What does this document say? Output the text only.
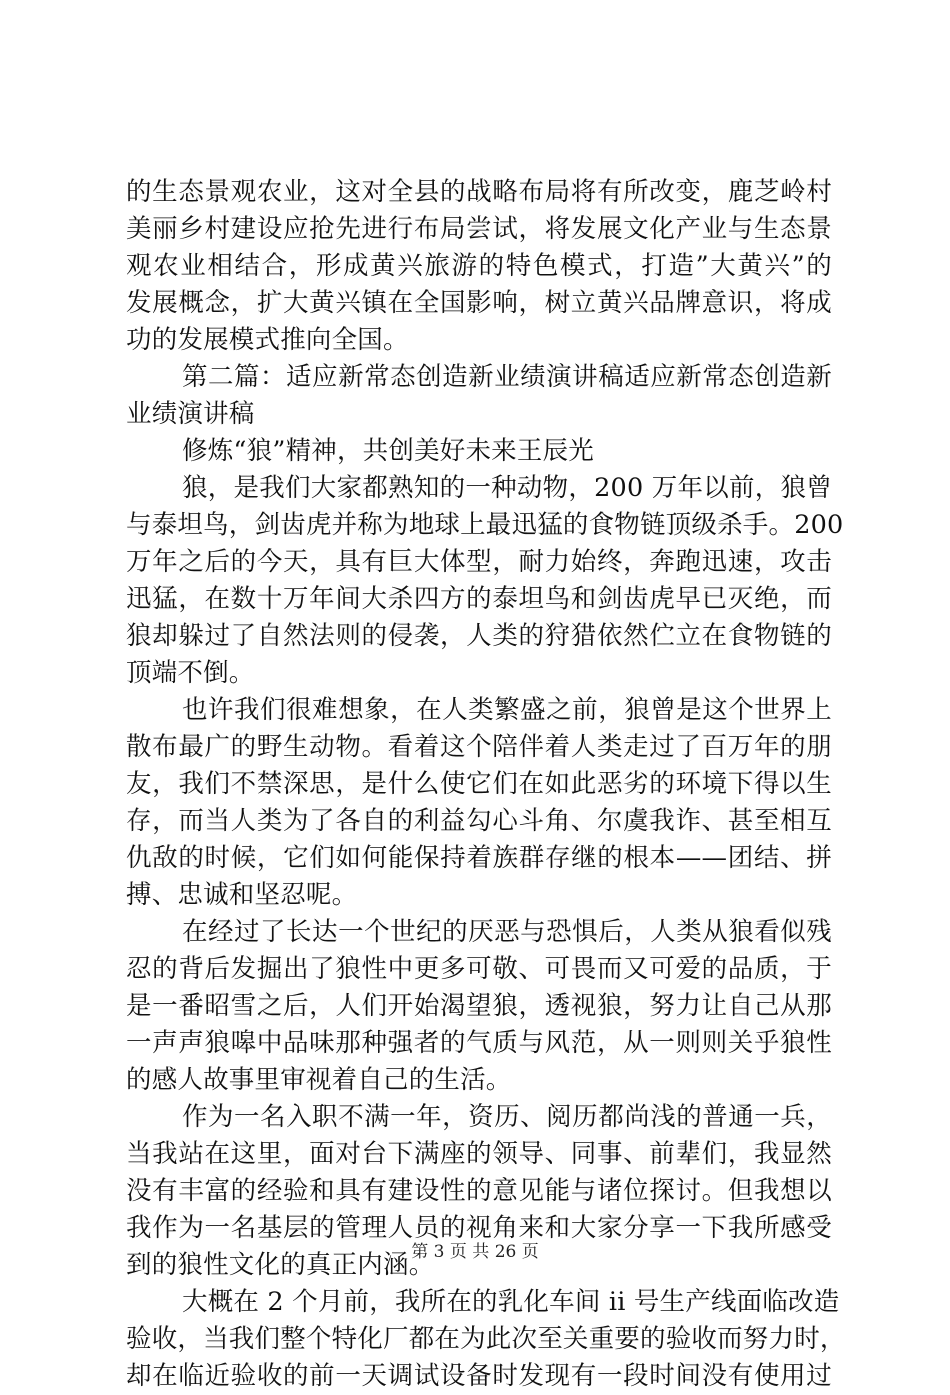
的生态景观农业，这对全县的战略布局将有所改变，鹿芝岭村
美丽乡村建设应抢先进行布局尝试，将发展文化产业与生态景
观农业相结合，形成黄兴旅游的特色模式，打造”大黄兴”的
发展概念，扩大黄兴镇在全国影响，树立黄兴品牌意识，将成
功的发展模式推向全国。
第二篇：适应新常态创造新业绩演讲稿适应新常态创造新
业绩演讲稿
修炼“狼”精神，共创美好未来王辰光
狼，是我们大家都熟知的一种动物，200 万年以前，狼曾
与泰坦鸟，剑齿虎并称为地球上最迅猛的食物链顶级杀手。200
万年之后的今天，具有巨大体型，耐力始终，奔跑迅速，攻击
迅猛，在数十万年间大杀四方的泰坦鸟和剑齿虎早已灭绝，而
狼却躲过了自然法则的侵袭，人类的狩猎依然伫立在食物链的
顶端不倒。
也许我们很难想象，在人类繁盛之前，狼曾是这个世界上
散布最广的野生动物。看着这个陪伴着人类走过了百万年的朋
友，我们不禁深思，是什么使它们在如此恶劣的环境下得以生
存，而当人类为了各自的利益勾心斗角、尔虞我诈、甚至相互
仇敌的时候，它们如何能保持着族群存继的根本——团结、拼
搏、忠诚和坚忍呢。
在经过了长达一个世纪的厌恶与恐惧后，人类从狼看似残
忍的背后发掘出了狼性中更多可敬、可畏而又可爱的品质，于
是一番昭雪之后，人们开始渴望狼，透视狼，努力让自己从那
一声声狼嗥中品味那种强者的气质与风范，从一则则关乎狼性
的感人故事里审视着自己的生活。
作为一名入职不满一年，资历、阅历都尚浅的普通一兵，
当我站在这里，面对台下满座的领导、同事、前辈们，我显然
没有丰富的经验和具有建设性的意见能与诸位探讨。但我想以
我作为一名基层的管理人员的视角来和大家分享一下我所感受
到的狼性文化的真正内涵。
大概在 2 个月前，我所在的乳化车间 ii 号生产线面临改造
验收，当我们整个特化厂都在为此次至关重要的验收而努力时，
却在临近验收的前一天调试设备时发现有一段时间没有使用过
第 3 页 共 26 页
